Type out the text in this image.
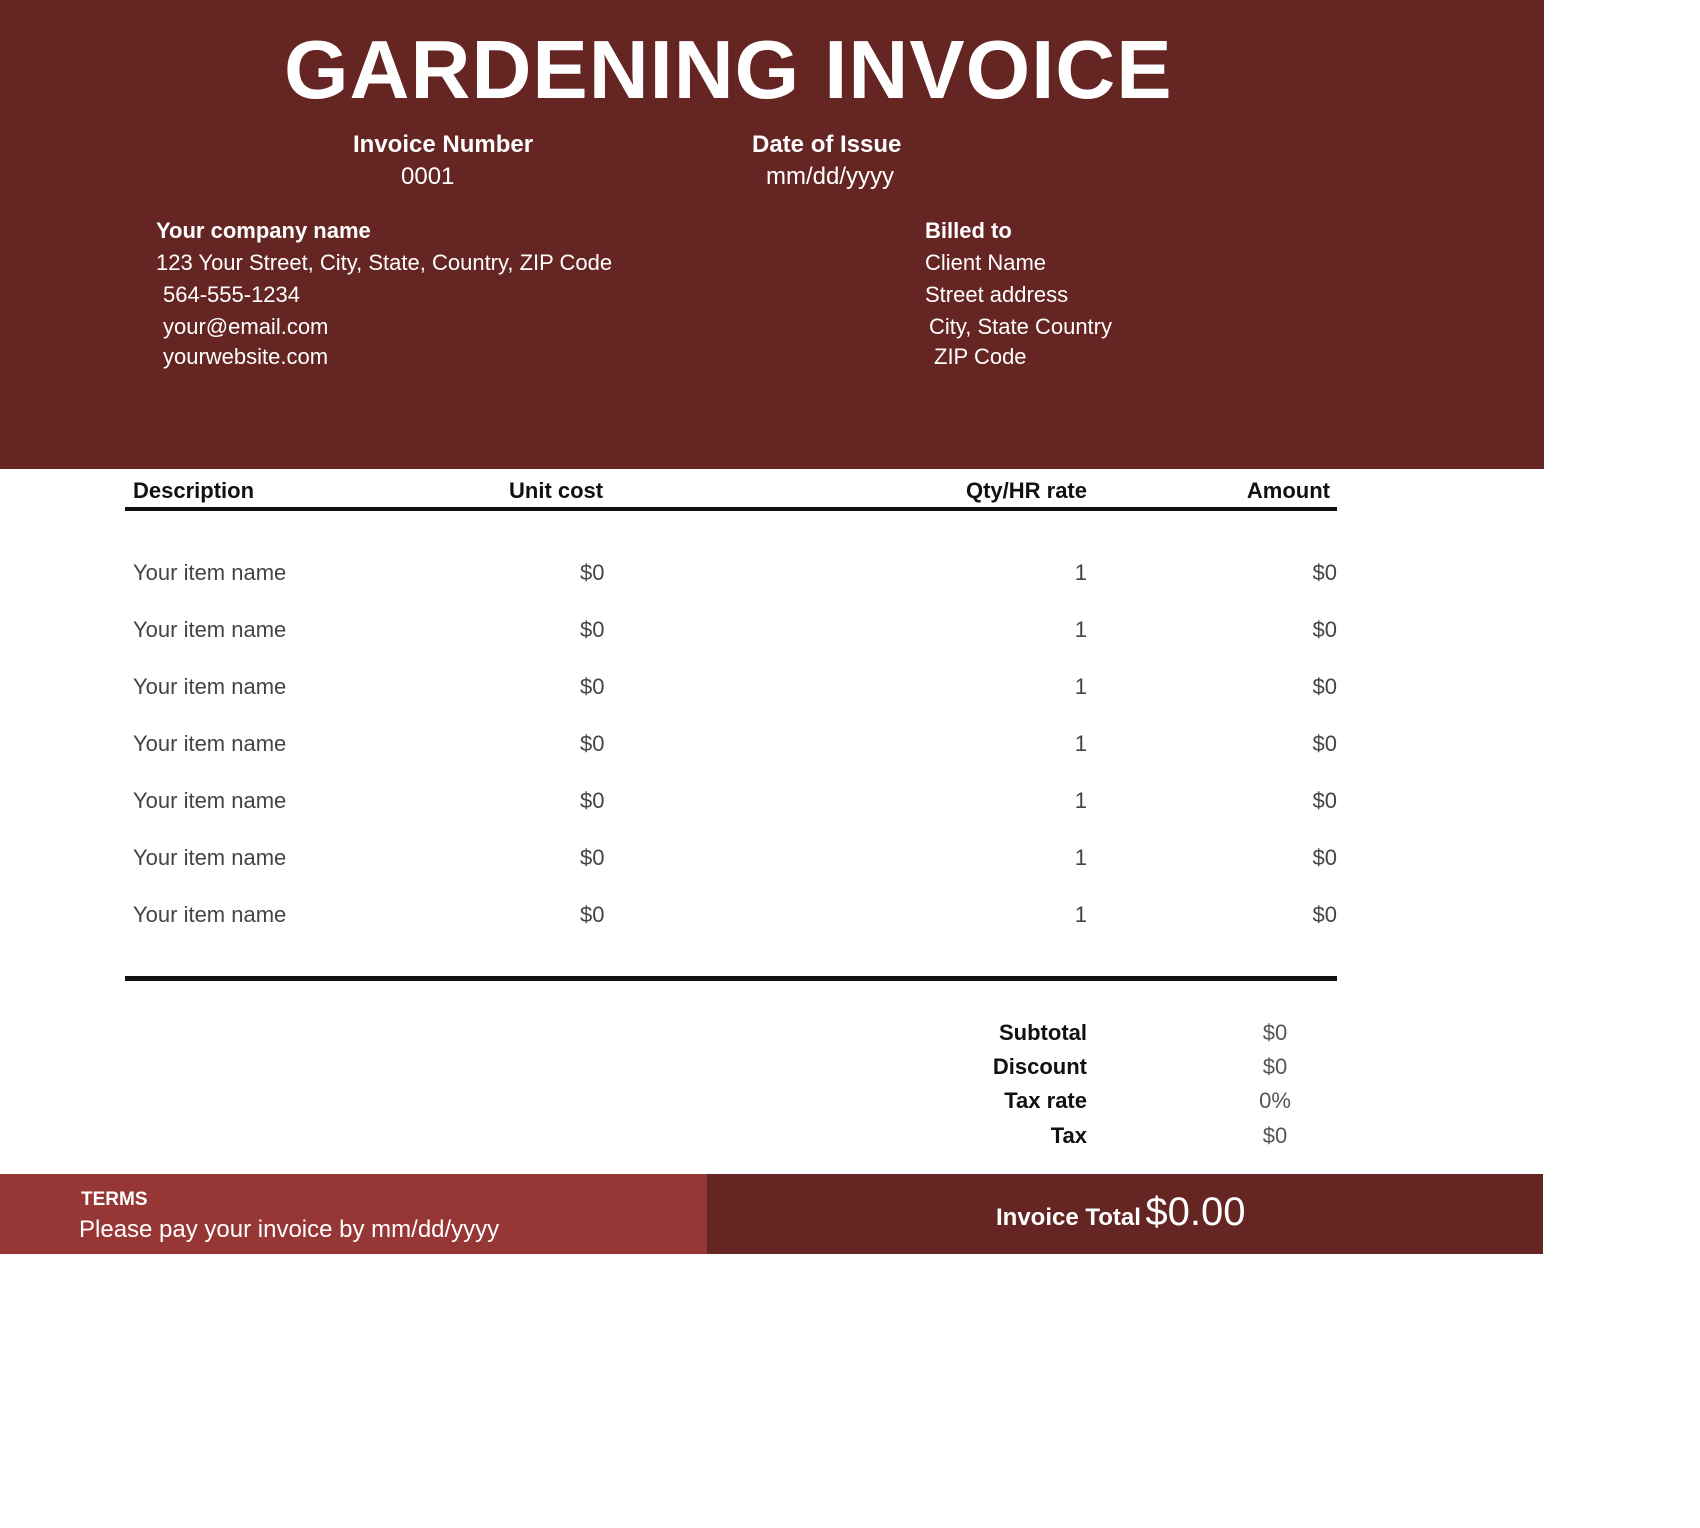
GARDENING INVOICE
Invoice Number
0001
Date of Issue
mm/dd/yyyy
Your company name
123 Your Street, City, State, Country, ZIP Code
564-555-1234
your@email.com
yourwebsite.com
Billed to
Client Name
Street address
City, State Country
ZIP Code
Description	Unit cost	Qty/HR rate	Amount
Your item name	$0	1	$0
Your item name	$0	1	$0
Your item name	$0	1	$0
Your item name	$0	1	$0
Your item name	$0	1	$0
Your item name	$0	1	$0
Your item name	$0	1	$0
Subtotal	$0
Discount	$0
Tax rate	0%
Tax	$0
TERMS
Please pay your invoice by mm/dd/yyyy	Invoice Total $0.00
